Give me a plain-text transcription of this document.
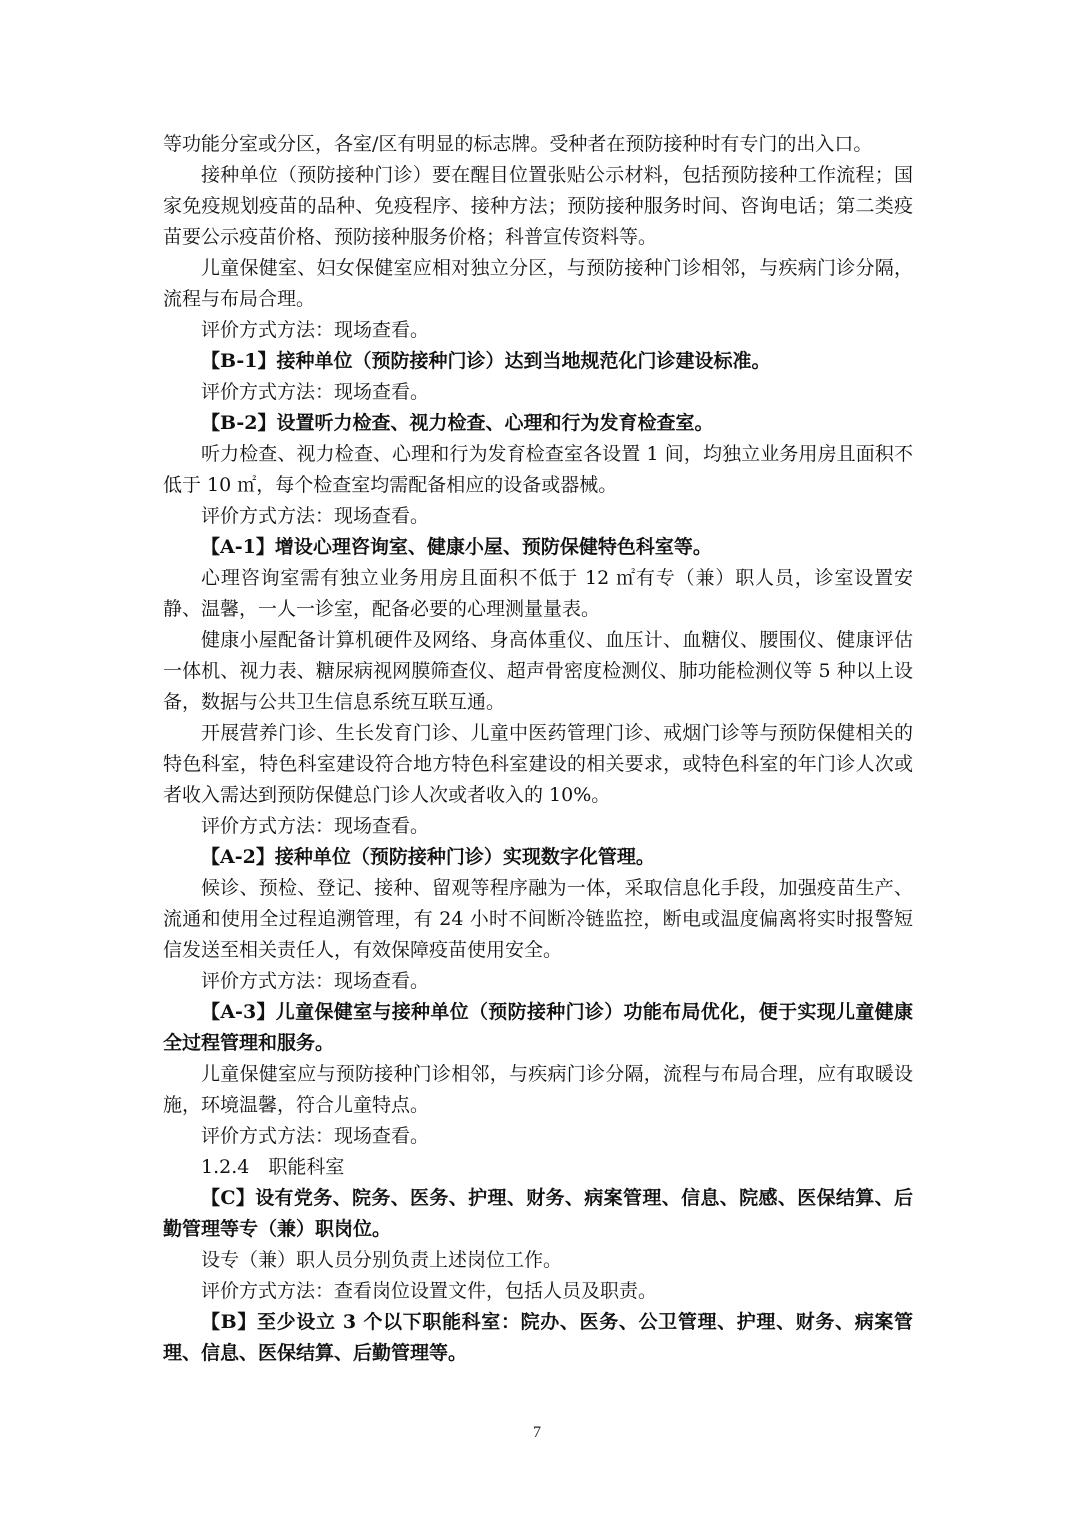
等功能分室或分区，各室/区有明显的标志牌。受种者在预防接种时有专门的出入口。

接种单位（预防接种门诊）要在醒目位置张贴公示材料，包括预防接种工作流程；国家免疫规划疫苗的品种、免疫程序、接种方法；预防接种服务时间、咨询电话；第二类疫苗要公示疫苗价格、预防接种服务价格；科普宣传资料等。

儿童保健室、妇女保健室应相对独立分区，与预防接种门诊相邻，与疾病门诊分隔，流程与布局合理。

评价方式方法：现场查看。

【B-1】接种单位（预防接种门诊）达到当地规范化门诊建设标准。

评价方式方法：现场查看。

【B-2】设置听力检查、视力检查、心理和行为发育检查室。

听力检查、视力检查、心理和行为发育检查室各设置 1 间，均独立业务用房且面积不低于 10 ㎡，每个检查室均需配备相应的设备或器械。

评价方式方法：现场查看。

【A-1】增设心理咨询室、健康小屋、预防保健特色科室等。

心理咨询室需有独立业务用房且面积不低于 12 ㎡有专（兼）职人员，诊室设置安静、温馨，一人一诊室，配备必要的心理测量量表。

健康小屋配备计算机硬件及网络、身高体重仪、血压计、血糖仪、腰围仪、健康评估一体机、视力表、糖尿病视网膜筛查仪、超声骨密度检测仪、肺功能检测仪等 5 种以上设备，数据与公共卫生信息系统互联互通。

开展营养门诊、生长发育门诊、儿童中医药管理门诊、戒烟门诊等与预防保健相关的特色科室，特色科室建设符合地方特色科室建设的相关要求，或特色科室的年门诊人次或者收入需达到预防保健总门诊人次或者收入的 10%。

评价方式方法：现场查看。

【A-2】接种单位（预防接种门诊）实现数字化管理。

候诊、预检、登记、接种、留观等程序融为一体，采取信息化手段，加强疫苗生产、流通和使用全过程追溯管理，有 24 小时不间断冷链监控，断电或温度偏离将实时报警短信发送至相关责任人，有效保障疫苗使用安全。

评价方式方法：现场查看。

【A-3】儿童保健室与接种单位（预防接种门诊）功能布局优化，便于实现儿童健康全过程管理和服务。

儿童保健室应与预防接种门诊相邻，与疾病门诊分隔，流程与布局合理，应有取暖设施，环境温馨，符合儿童特点。

评价方式方法：现场查看。

1.2.4　职能科室

【C】设有党务、院务、医务、护理、财务、病案管理、信息、院感、医保结算、后勤管理等专（兼）职岗位。

设专（兼）职人员分别负责上述岗位工作。

评价方式方法：查看岗位设置文件，包括人员及职责。

【B】至少设立 3 个以下职能科室：院办、医务、公卫管理、护理、财务、病案管理、信息、医保结算、后勤管理等。

7
